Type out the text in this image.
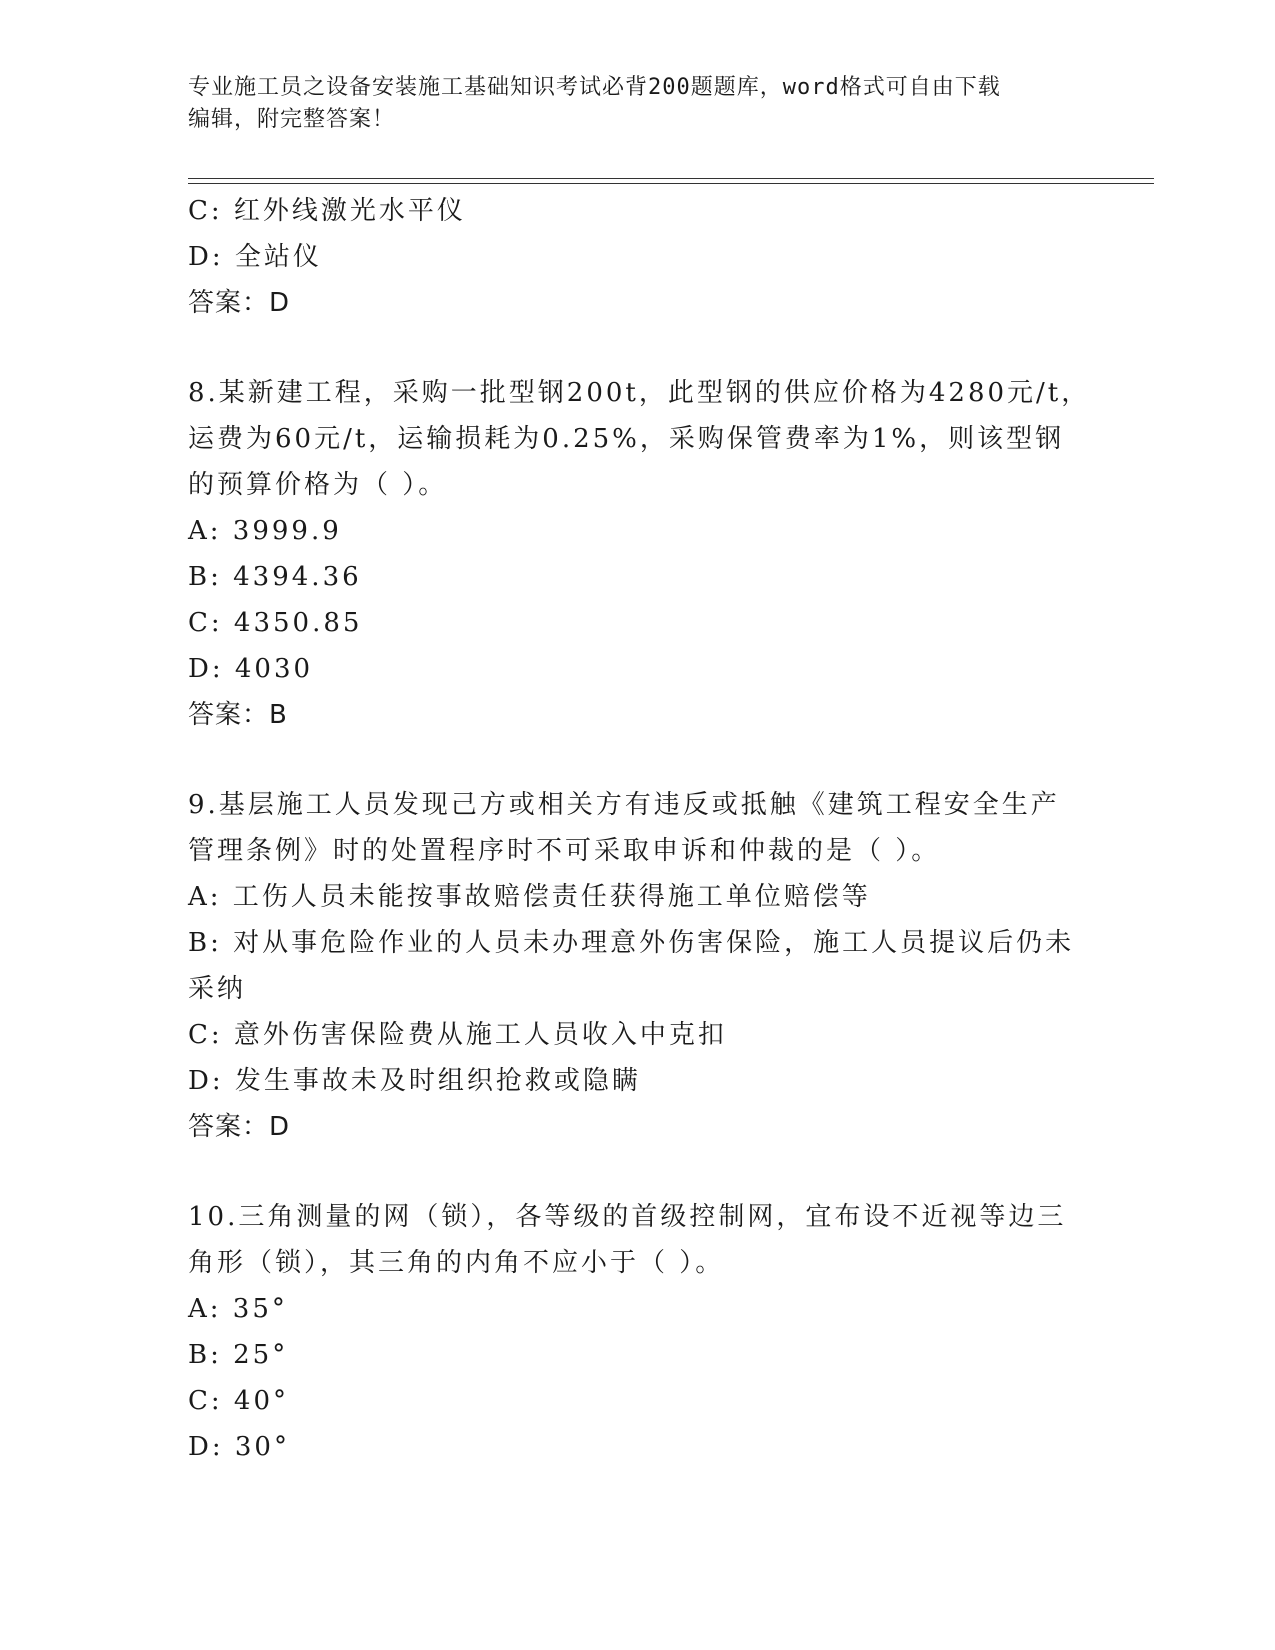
专业施工员之设备安装施工基础知识考试必背200题题库，word格式可自由下载
编辑，附完整答案！
C: 红外线激光水平仪
D: 全站仪
答案：D
8.某新建工程，采购一批型钢200t，此型钢的供应价格为4280元/t，
运费为60元/t，运输损耗为0.25%，采购保管费率为1%，则该型钢
的预算价格为（ ）。
A: 3999.9
B: 4394.36
C: 4350.85
D: 4030
答案：B
9.基层施工人员发现己方或相关方有违反或抵触《建筑工程安全生产
管理条例》时的处置程序时不可采取申诉和仲裁的是（ ）。
A: 工伤人员未能按事故赔偿责任获得施工单位赔偿等
B: 对从事危险作业的人员未办理意外伤害保险，施工人员提议后仍未
采纳
C: 意外伤害保险费从施工人员收入中克扣
D: 发生事故未及时组织抢救或隐瞒
答案：D
10.三角测量的网（锁），各等级的首级控制网，宜布设不近视等边三
角形（锁），其三角的内角不应小于（ ）。
A: 35°
B: 25°
C: 40°
D: 30°
